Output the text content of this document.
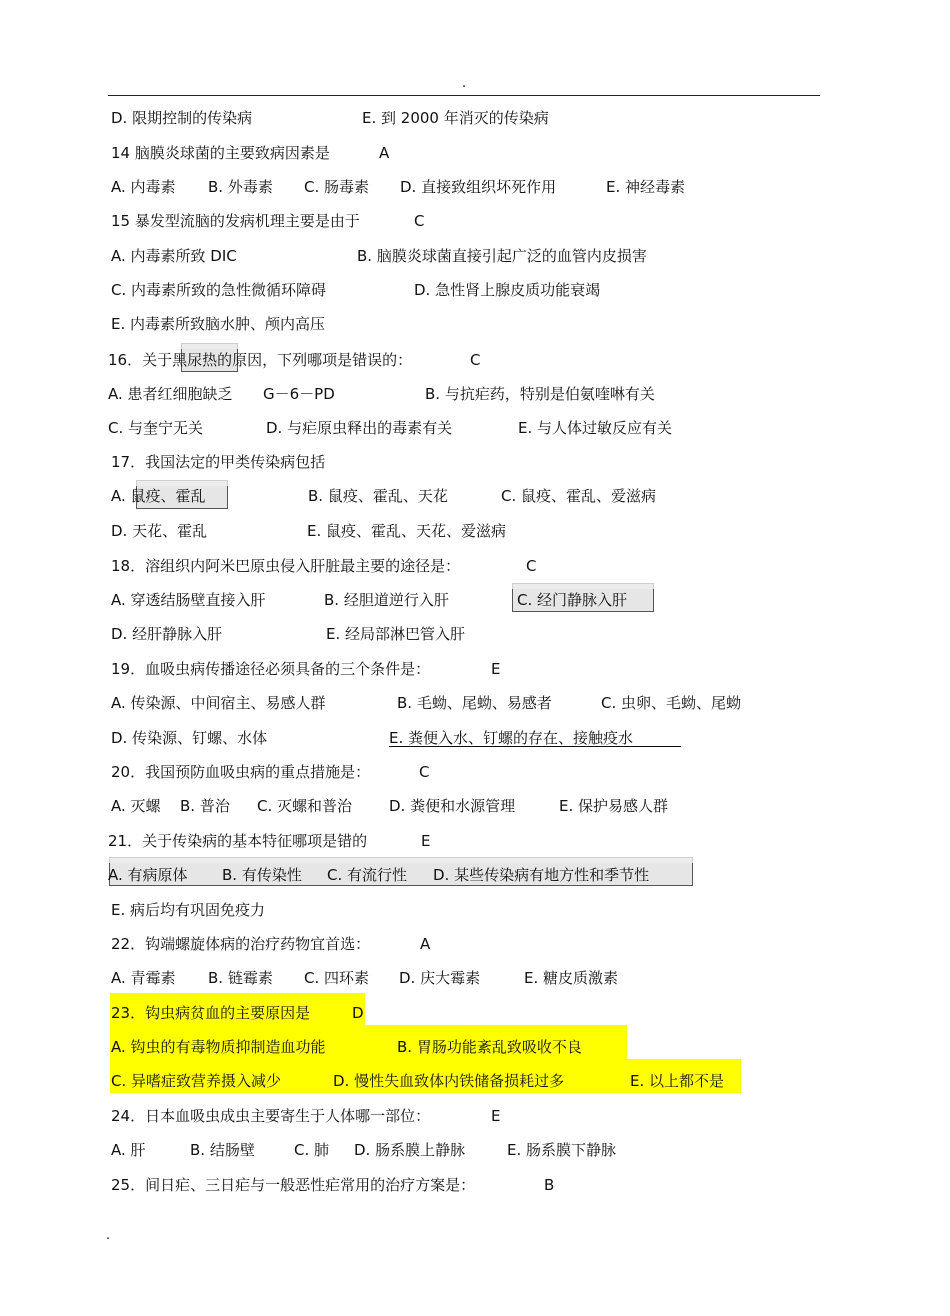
.
D. 限期控制的传染病	E. 到 2000 年消灭的传染病
14 脑膜炎球菌的主要致病因素是	A
A. 内毒素 B. 外毒素 C. 肠毒素 D. 直接致组织坏死作用	E. 神经毒素
15 暴发型流脑的发病机理主要是由于	C
A. 内毒素所致 DIC	B. 脑膜炎球菌直接引起广泛的血管内皮损害
C. 内毒素所致的急性微循环障碍	D. 急性肾上腺皮质功能衰竭
E. 内毒素所致脑水肿、颅内高压
16．关于黑尿热的原因，下列哪项是错误的：	C
A. 患者红细胞缺乏 G－6－PD	B. 与抗疟药，特别是伯氨喹啉有关
C. 与奎宁无关	D. 与疟原虫释出的毒素有关	E. 与人体过敏反应有关
17．我国法定的甲类传染病包括
A. 鼠疫、霍乱	B. 鼠疫、霍乱、天花	C. 鼠疫、霍乱、爱滋病
D. 天花、霍乱	E. 鼠疫、霍乱、天花、爱滋病
18．溶组织内阿米巴原虫侵入肝脏最主要的途径是：	C
A. 穿透结肠壁直接入肝	B. 经胆道逆行入肝	C. 经门静脉入肝
D. 经肝静脉入肝	E. 经局部淋巴管入肝
19．血吸虫病传播途径必须具备的三个条件是：	E
A. 传染源、中间宿主、易感人群	B. 毛蚴、尾蚴、易感者	C. 虫卵、毛蚴、尾蚴
D. 传染源、钉螺、水体	E. 粪便入水、钉螺的存在、接触疫水
20．我国预防血吸虫病的重点措施是：	C
A. 灭螺 B. 普治 C. 灭螺和普治 D. 粪便和水源管理	E. 保护易感人群
21．关于传染病的基本特征哪项是错的	E
A. 有病原体 B. 有传染性 C. 有流行性 D. 某些传染病有地方性和季节性
E. 病后均有巩固免疫力
22．钩端螺旋体病的治疗药物宜首选：	A
A. 青霉素 B. 链霉素 C. 四环素 D. 庆大霉素	E. 糖皮质激素
23．钩虫病贫血的主要原因是	D
A. 钩虫的有毒物质抑制造血功能	B. 胃肠功能紊乱致吸收不良
C. 异嗜症致营养摄入减少	D. 慢性失血致体内铁储备损耗过多	E. 以上都不是
24．日本血吸虫成虫主要寄生于人体哪一部位：	E
A. 肝	B. 结肠壁	C. 肺 D. 肠系膜上静脉	E. 肠系膜下静脉
25．间日疟、三日疟与一般恶性疟常用的治疗方案是：	B
.
